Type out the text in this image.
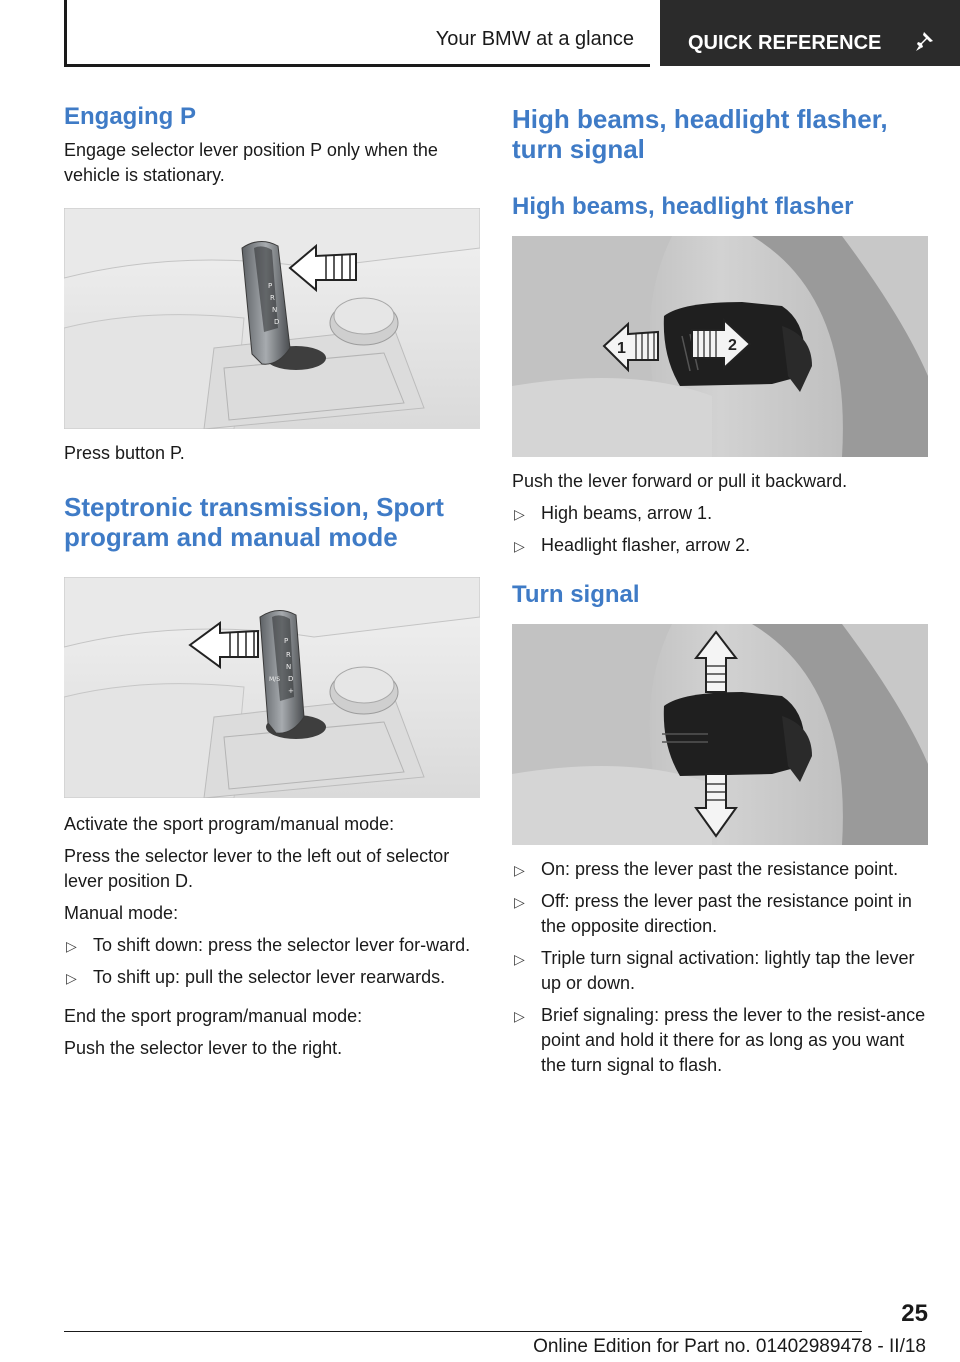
Your BMW at a glance	QUICK REFERENCE
Engaging P

Engage selector lever position P only when the vehicle is stationary.

P
R
N
D

Press button P.

Steptronic transmission, Sport program and manual mode
P
R
N
M/S D
+

Activate the sport program/manual mode:

Press the selector lever to the left out of selector lever position D.

Manual mode:

▷ To shift down: press the selector lever for-ward.
▷ To shift up: pull the selector lever rearwards.

End the sport program/manual mode:

Push the selector lever to the right.

High beams, headlight flasher, turn signal
High beams, headlight flasher
1	2

Push the lever forward or pull it backward.

▷ High beams, arrow 1.
▷ Headlight flasher, arrow 2.
Turn signal
▷ On: press the lever past the resistance point.
▷ Off: press the lever past the resistance point in the opposite direction.
▷ Triple turn signal activation: lightly tap the lever up or down.
▷ Brief signaling: press the lever to the resist-ance point and hold it there for as long as you want the turn signal to flash.
25
Online Edition for Part no. 01402989478 - II/18
